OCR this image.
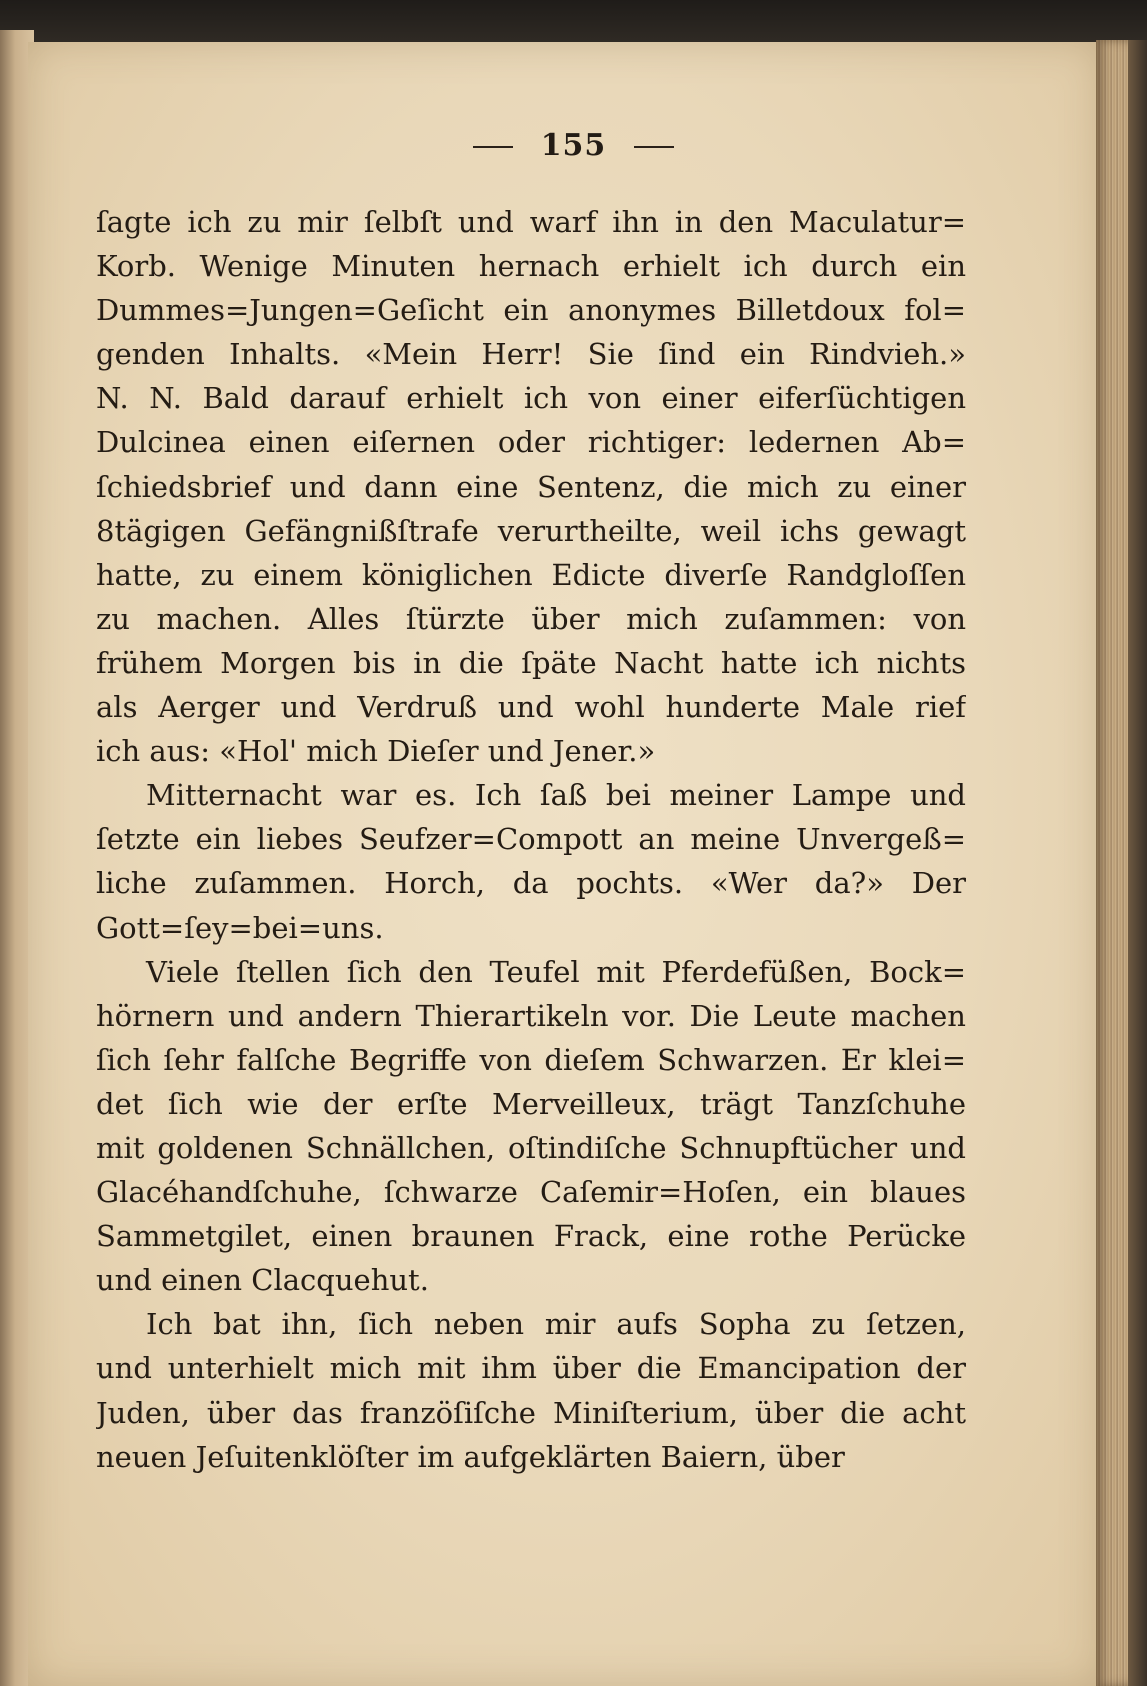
155
ſagte ich zu mir ſelbſt und warf ihn in den Maculatur=
Korb. Wenige Minuten hernach erhielt ich durch ein
Dummes=Jungen=Geſicht ein anonymes Billetdoux fol=
genden Inhalts. «Mein Herr! Sie ſind ein Rindvieh.»
N. N. Bald darauf erhielt ich von einer eiferſüchtigen
Dulcinea einen eiſernen oder richtiger: ledernen Ab=
ſchiedsbrief und dann eine Sentenz, die mich zu einer
8tägigen Gefängnißſtrafe verurtheilte, weil ichs gewagt
hatte, zu einem königlichen Edicte diverſe Randgloſſen
zu machen. Alles ſtürzte über mich zuſammen: von
frühem Morgen bis in die ſpäte Nacht hatte ich nichts
als Aerger und Verdruß und wohl hunderte Male rief
ich aus: «Hol' mich Dieſer und Jener.»
Mitternacht war es. Ich ſaß bei meiner Lampe und
ſetzte ein liebes Seufzer=Compott an meine Unvergeß=
liche zuſammen. Horch, da pochts. «Wer da?» Der
Gott=ſey=bei=uns.
Viele ſtellen ſich den Teufel mit Pferdefüßen, Bock=
hörnern und andern Thierartikeln vor. Die Leute machen
ſich ſehr falſche Begriffe von dieſem Schwarzen. Er klei=
det ſich wie der erſte Merveilleux, trägt Tanzſchuhe
mit goldenen Schnällchen, oſtindiſche Schnupftücher und
Glacéhandſchuhe, ſchwarze Caſemir=Hoſen, ein blaues
Sammetgilet, einen braunen Frack, eine rothe Perücke
und einen Clacquehut.
Ich bat ihn, ſich neben mir aufs Sopha zu ſetzen,
und unterhielt mich mit ihm über die Emancipation der
Juden, über das franzöſiſche Miniſterium, über die acht
neuen Jeſuitenklöſter im aufgeklärten Baiern, über
